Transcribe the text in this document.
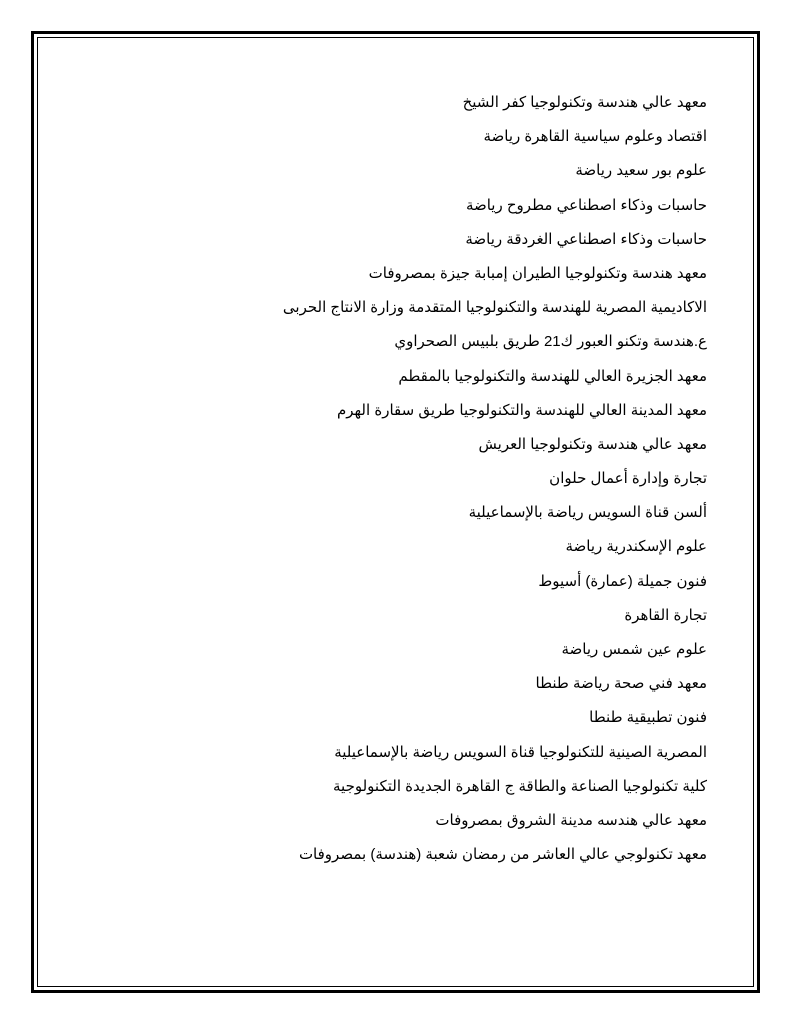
معهد عالي هندسة وتكنولوجيا كفر الشيخ
اقتصاد وعلوم سياسية القاهرة رياضة
علوم بور سعيد رياضة
حاسبات وذكاء اصطناعي مطروح رياضة
حاسبات وذكاء اصطناعي الغردقة رياضة
معهد هندسة وتكنولوجيا الطيران إمبابة جيزة بمصروفات
الاكاديمية المصرية للهندسة والتكنولوجيا المتقدمة وزارة الانتاج الحربى
ع.هندسة وتكنو العبور ك21 طريق بلبيس الصحراوي
معهد الجزيرة العالي للهندسة والتكنولوجيا بالمقطم
معهد المدينة العالي للهندسة والتكنولوجيا طريق سقارة الهرم
معهد عالي هندسة وتكنولوجيا العريش
تجارة وإدارة أعمال حلوان
ألسن قناة السويس رياضة بالإسماعيلية
علوم الإسكندرية رياضة
فنون جميلة (عمارة) أسيوط
تجارة القاهرة
علوم عين شمس رياضة
معهد فني صحة رياضة طنطا
فنون تطبيقية طنطا
المصرية الصينية للتكنولوجيا قناة السويس رياضة بالإسماعيلية
كلية تكنولوجيا الصناعة والطاقة ج القاهرة الجديدة التكنولوجية
معهد عالي هندسه مدينة الشروق بمصروفات
معهد تكنولوجي عالي العاشر من رمضان شعبة (هندسة) بمصروفات
